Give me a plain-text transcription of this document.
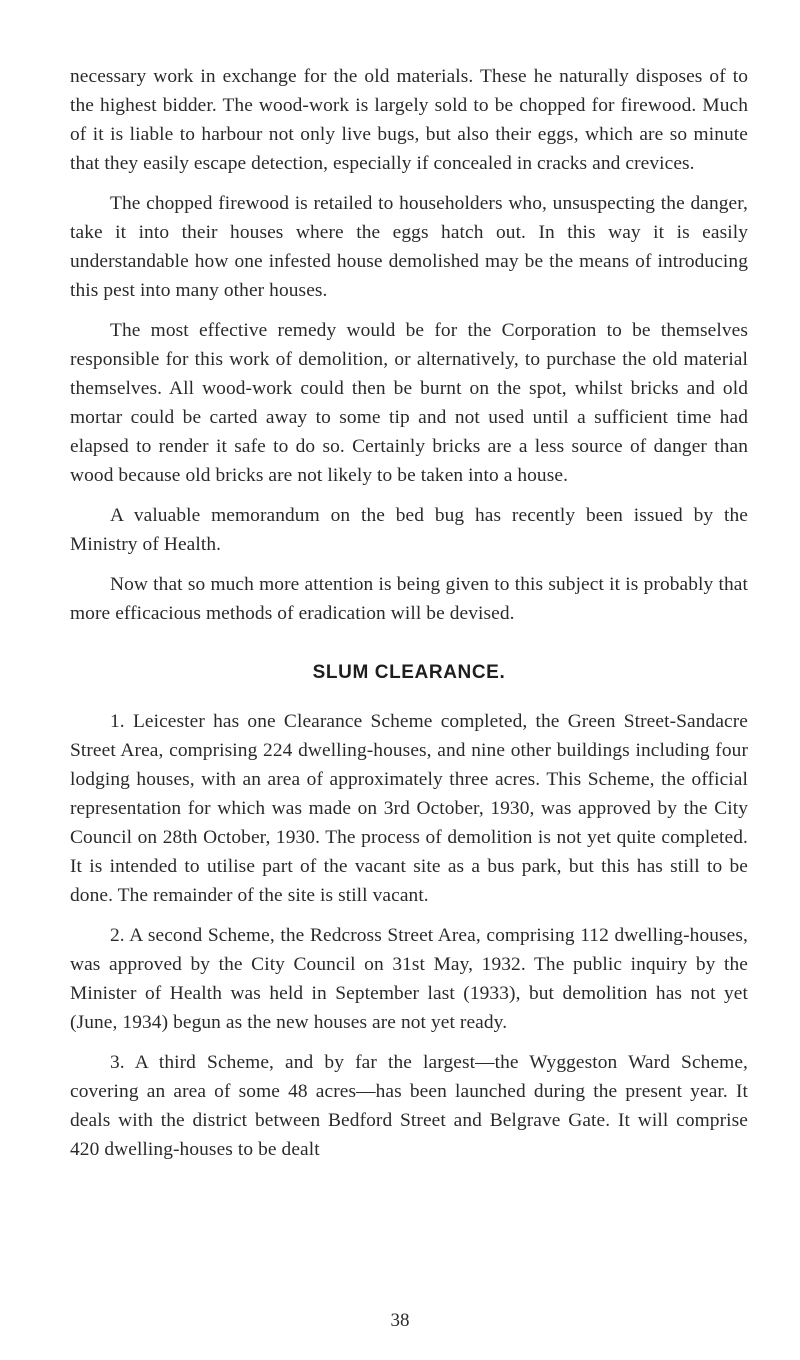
necessary work in exchange for the old materials. These he naturally disposes of to the highest bidder. The wood-work is largely sold to be chopped for firewood. Much of it is liable to harbour not only live bugs, but also their eggs, which are so minute that they easily escape detection, especially if concealed in cracks and crevices.

The chopped firewood is retailed to householders who, unsuspecting the danger, take it into their houses where the eggs hatch out. In this way it is easily understandable how one infested house demolished may be the means of introducing this pest into many other houses.

The most effective remedy would be for the Corporation to be themselves responsible for this work of demolition, or alternatively, to purchase the old material themselves. All wood-work could then be burnt on the spot, whilst bricks and old mortar could be carted away to some tip and not used until a sufficient time had elapsed to render it safe to do so. Certainly bricks are a less source of danger than wood because old bricks are not likely to be taken into a house.

A valuable memorandum on the bed bug has recently been issued by the Ministry of Health.

Now that so much more attention is being given to this subject it is probably that more efficacious methods of eradication will be devised.

SLUM CLEARANCE.

1. Leicester has one Clearance Scheme completed, the Green Street-Sandacre Street Area, comprising 224 dwelling-houses, and nine other buildings including four lodging houses, with an area of approximately three acres. This Scheme, the official representation for which was made on 3rd October, 1930, was approved by the City Council on 28th October, 1930. The process of demolition is not yet quite completed. It is intended to utilise part of the vacant site as a bus park, but this has still to be done. The remainder of the site is still vacant.

2. A second Scheme, the Redcross Street Area, comprising 112 dwelling-houses, was approved by the City Council on 31st May, 1932. The public inquiry by the Minister of Health was held in September last (1933), but demolition has not yet (June, 1934) begun as the new houses are not yet ready.

3. A third Scheme, and by far the largest—the Wyggeston Ward Scheme, covering an area of some 48 acres—has been launched during the present year. It deals with the district between Bedford Street and Belgrave Gate. It will comprise 420 dwelling-houses to be dealt

38
